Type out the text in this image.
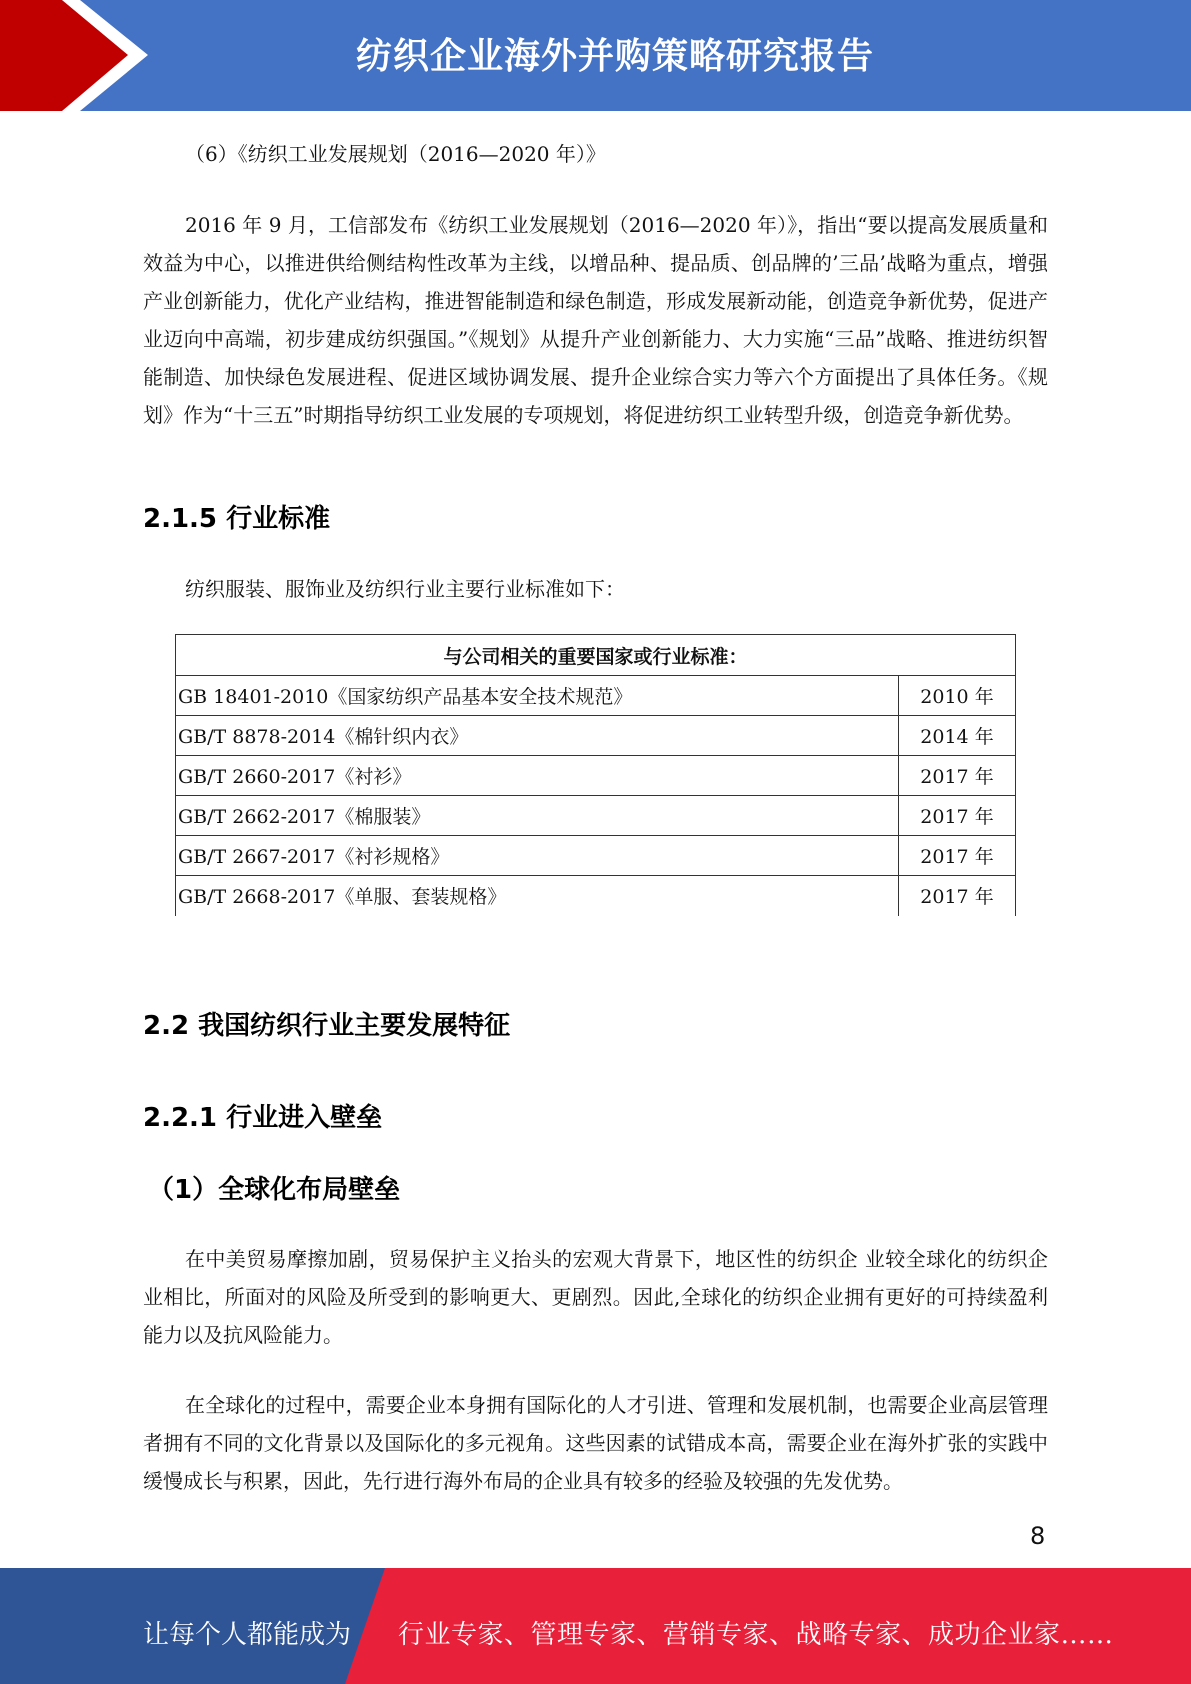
纺织企业海外并购策略研究报告
（6）《纺织工业发展规划（2016—2020 年）》

2016 年 9 月，工信部发布《纺织工业发展规划（2016—2020 年）》，指出“要以提高发展质量和效益为中心，以推进供给侧结构性改革为主线，以增品种、提品质、创品牌的’三品’战略为重点，增强产业创新能力，优化产业结构，推进智能制造和绿色制造，形成发展新动能，创造竞争新优势，促进产业迈向中高端，初步建成纺织强国。”《规划》从提升产业创新能力、大力实施“三品”战略、推进纺织智能制造、加快绿色发展进程、促进区域协调发展、提升企业综合实力等六个方面提出了具体任务。《规划》作为“十三五”时期指导纺织工业发展的专项规划，将促进纺织工业转型升级，创造竞争新优势。

2.1.5 行业标准

纺织服装、服饰业及纺织行业主要行业标准如下：

与公司相关的重要国家或行业标准：	
GB 18401-2010《国家纺织产品基本安全技术规范》	2010 年
GB/T 8878-2014《棉针织内衣》	2014 年
GB/T 2660-2017《衬衫》	2017 年
GB/T 2662-2017《棉服装》	2017 年
GB/T 2667-2017《衬衫规格》	2017 年
GB/T 2668-2017《单服、套装规格》	2017 年
2.2 我国纺织行业主要发展特征
2.2.1 行业进入壁垒
（1）全球化布局壁垒

在中美贸易摩擦加剧，贸易保护主义抬头的宏观大背景下，地区性的纺织企 业较全球化的纺织企业相比，所面对的风险及所受到的影响更大、更剧烈。因此,全球化的纺织企业拥有更好的可持续盈利能力以及抗风险能力。

在全球化的过程中，需要企业本身拥有国际化的人才引进、管理和发展机制，也需要企业高层管理者拥有不同的文化背景以及国际化的多元视角。这些因素的试错成本高，需要企业在海外扩张的实践中缓慢成长与积累，因此，先行进行海外布局的企业具有较多的经验及较强的先发优势。

8
让每个人都能成为 行业专家、管理专家、营销专家、战略专家、成功企业家……
